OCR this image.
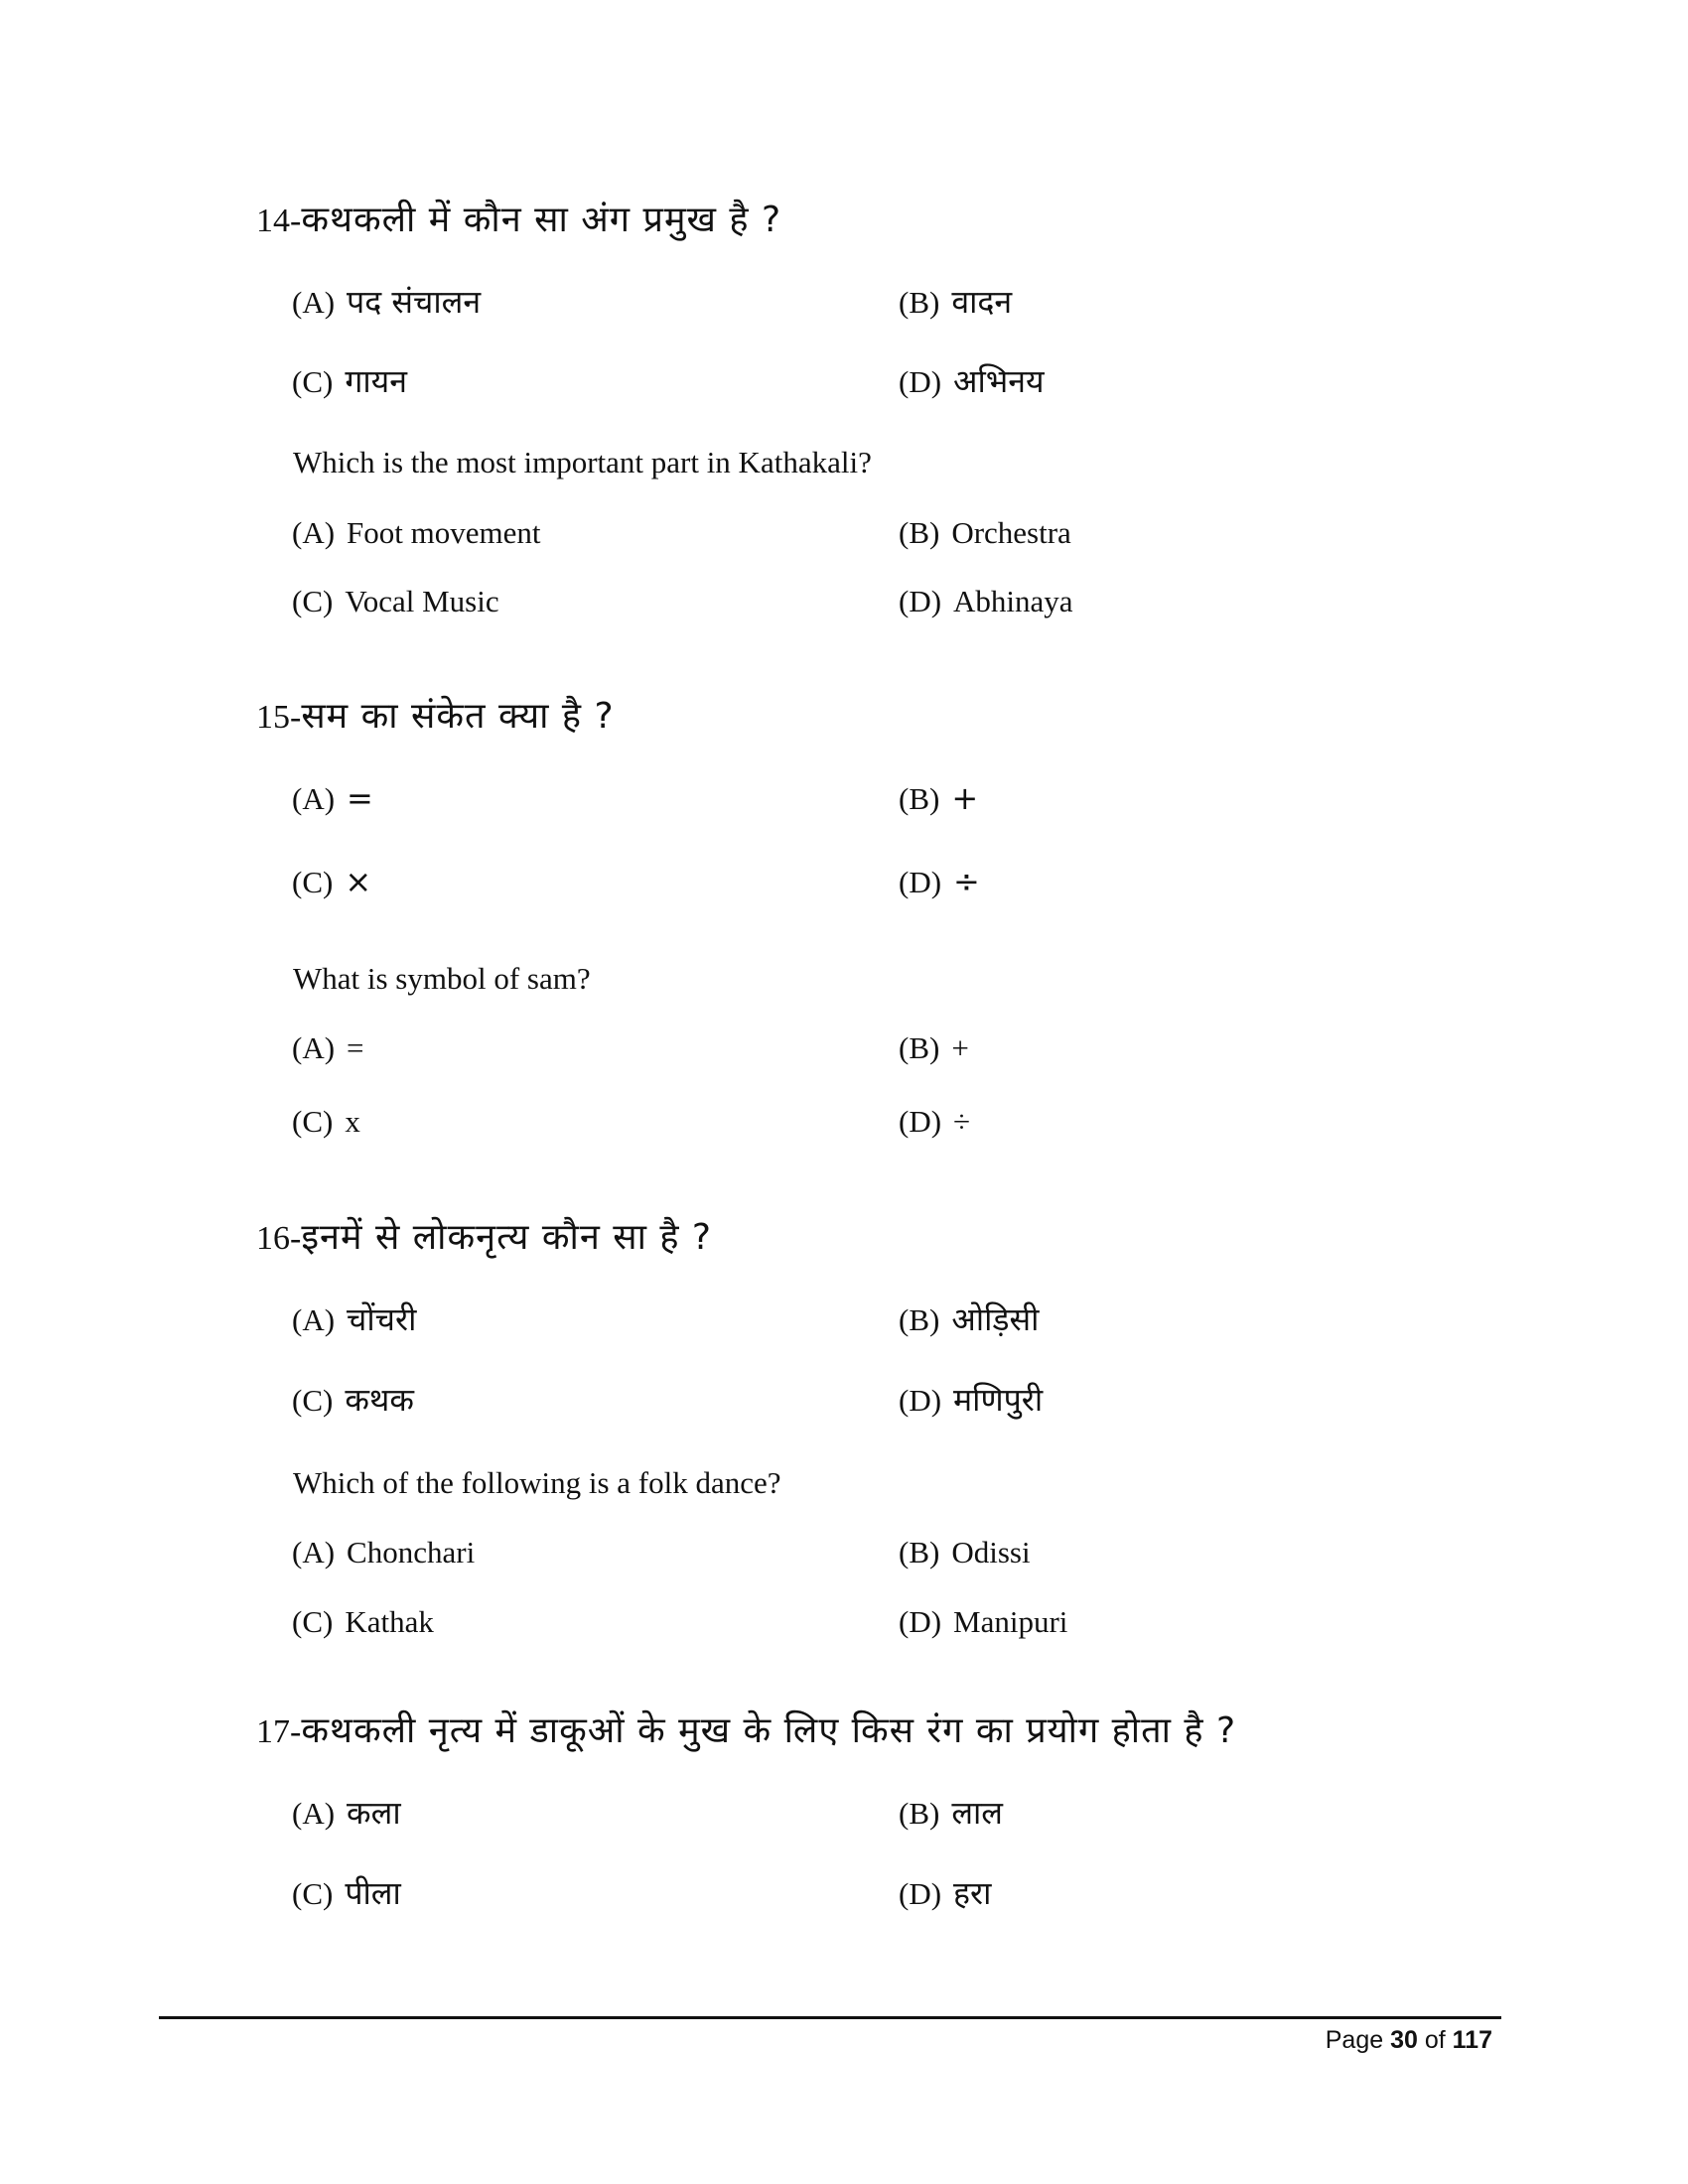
14-कथकली में कौन सा अंग प्रमुख है ?
(A) पद संचालन	(B) वादन
(C) गायन	(D) अभिनय
Which is the most important part in Kathakali?
(A) Foot movement	(B) Orchestra
(C) Vocal Music	(D) Abhinaya
15-सम का संकेत क्या है ?
(A) =	(B) +
(C) ×	(D) ÷
What is symbol of sam?
(A) =	(B) +
(C) x	(D) ÷
16-इनमें से लोकनृत्य कौन सा है ?
(A) चोंचरी	(B) ओड़िसी
(C) कथक	(D) मणिपुरी
Which of the following is a folk dance?
(A) Chonchari	(B) Odissi
(C) Kathak	(D) Manipuri
17-कथकली नृत्य में डाकूओं के मुख के लिए किस रंग का प्रयोग होता है ?
(A) कला	(B) लाल
(C) पीला	(D) हरा
Page 30 of 117
